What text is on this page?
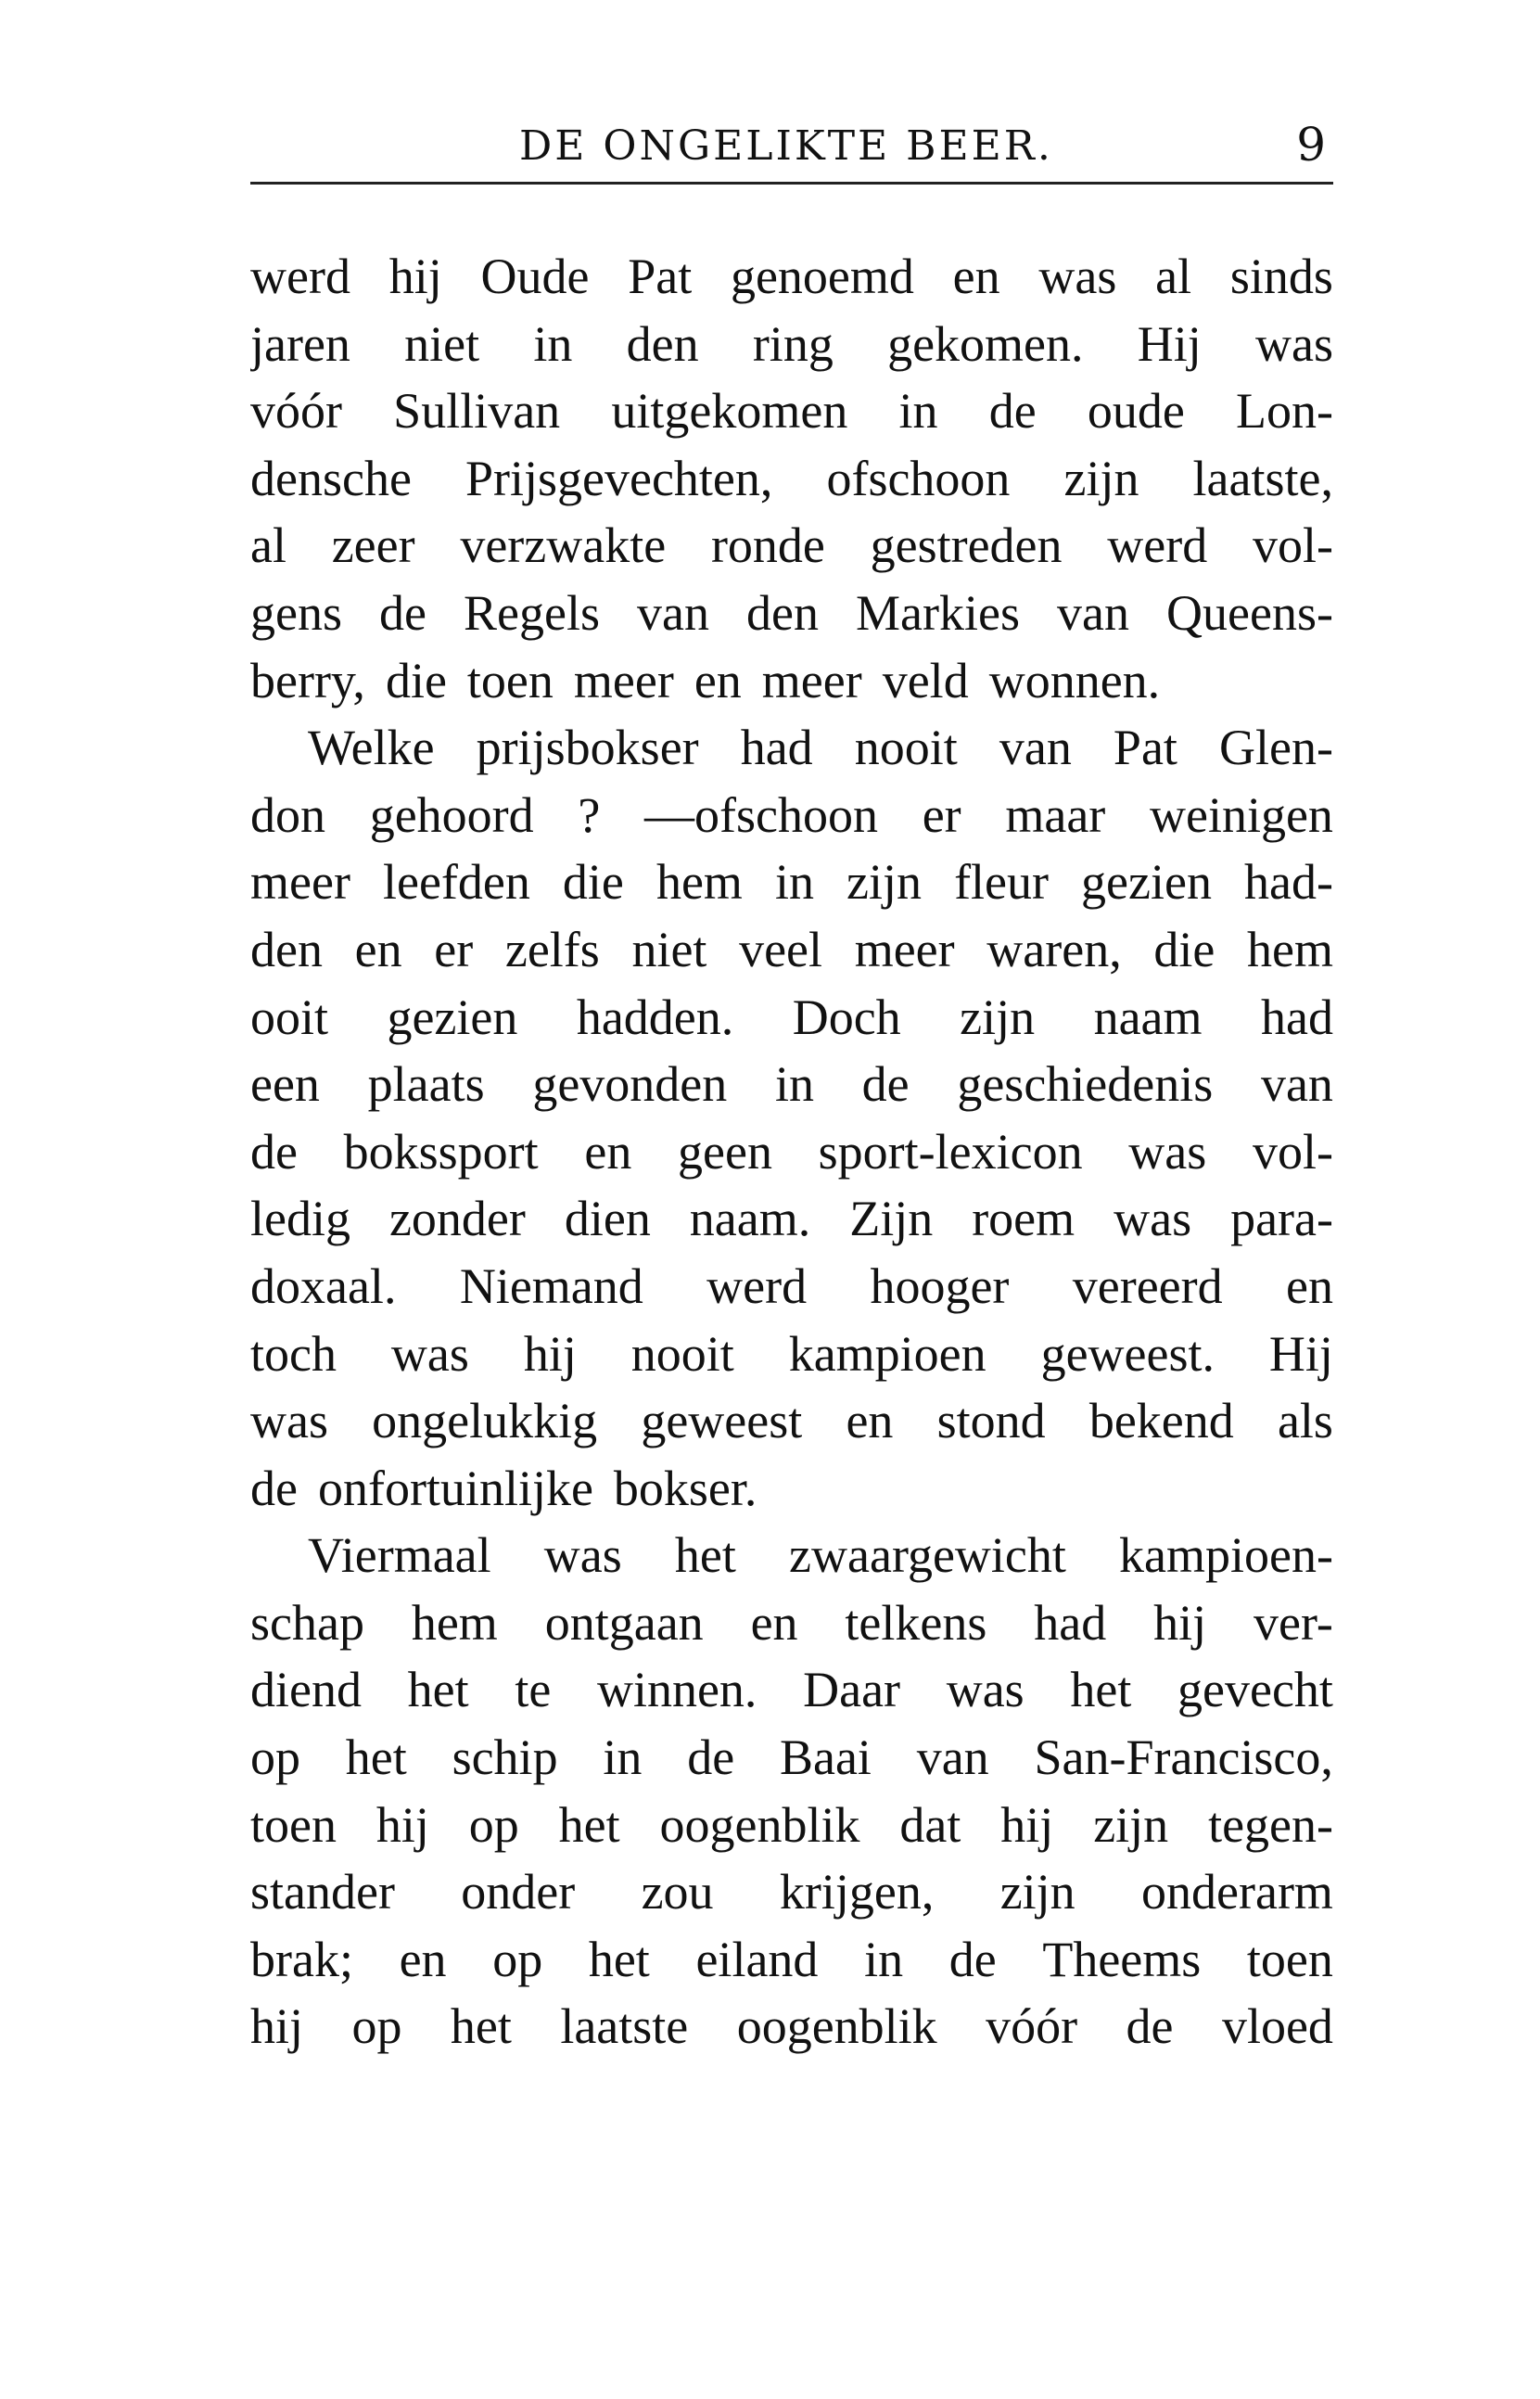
DE ONGELIKTE BEER.	9
werd hij Oude Pat genoemd en was al sinds
jaren niet in den ring gekomen. Hij was
vóór Sullivan uitgekomen in de oude Lon-
densche Prijsgevechten, ofschoon zijn laatste,
al zeer verzwakte ronde gestreden werd vol-
gens de Regels van den Markies van Queens-
berry, die toen meer en meer veld wonnen.
Welke prijsbokser had nooit van Pat Glen-
don gehoord ? —ofschoon er maar weinigen
meer leefden die hem in zijn fleur gezien had-
den en er zelfs niet veel meer waren, die hem
ooit gezien hadden. Doch zijn naam had
een plaats gevonden in de geschiedenis van
de bokssport en geen sport-lexicon was vol-
ledig zonder dien naam. Zijn roem was para-
doxaal. Niemand werd hooger vereerd en
toch was hij nooit kampioen geweest. Hij
was ongelukkig geweest en stond bekend als
de onfortuinlijke bokser.
Viermaal was het zwaargewicht kampioen-
schap hem ontgaan en telkens had hij ver-
diend het te winnen. Daar was het gevecht
op het schip in de Baai van San-Francisco,
toen hij op het oogenblik dat hij zijn tegen-
stander onder zou krijgen, zijn onderarm
brak; en op het eiland in de Theems toen
hij op het laatste oogenblik vóór de vloed
